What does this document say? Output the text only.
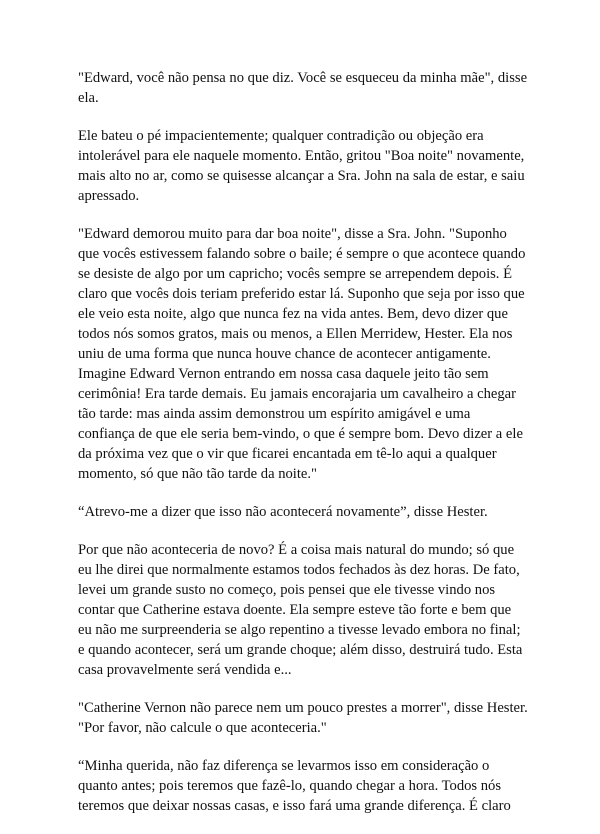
"Edward, você não pensa no que diz. Você se esqueceu da minha mãe", disse ela.

Ele bateu o pé impacientemente; qualquer contradição ou objeção era intolerável para ele naquele momento. Então, gritou "Boa noite" novamente, mais alto no ar, como se quisesse alcançar a Sra. John na sala de estar, e saiu apressado.

"Edward demorou muito para dar boa noite", disse a Sra. John. "Suponho que vocês estivessem falando sobre o baile; é sempre o que acontece quando se desiste de algo por um capricho; vocês sempre se arrependem depois. É claro que vocês dois teriam preferido estar lá. Suponho que seja por isso que ele veio esta noite, algo que nunca fez na vida antes. Bem, devo dizer que todos nós somos gratos, mais ou menos, a Ellen Merridew, Hester. Ela nos uniu de uma forma que nunca houve chance de acontecer antigamente. Imagine Edward Vernon entrando em nossa casa daquele jeito tão sem cerimônia! Era tarde demais. Eu jamais encorajaria um cavalheiro a chegar tão tarde: mas ainda assim demonstrou um espírito amigável e uma confiança de que ele seria bem-vindo, o que é sempre bom. Devo dizer a ele da próxima vez que o vir que ficarei encantada em tê-lo aqui a qualquer momento, só que não tão tarde da noite."

“Atrevo-me a dizer que isso não acontecerá novamente”, disse Hester.

Por que não aconteceria de novo? É a coisa mais natural do mundo; só que eu lhe direi que normalmente estamos todos fechados às dez horas. De fato, levei um grande susto no começo, pois pensei que ele tivesse vindo nos contar que Catherine estava doente. Ela sempre esteve tão forte e bem que eu não me surpreenderia se algo repentino a tivesse levado embora no final; e quando acontecer, será um grande choque; além disso, destruirá tudo. Esta casa provavelmente será vendida e...

"Catherine Vernon não parece nem um pouco prestes a morrer", disse Hester. "Por favor, não calcule o que aconteceria."

“Minha querida, não faz diferença se levarmos isso em consideração o quanto antes; pois teremos que fazê-lo, quando chegar a hora. Todos nós teremos que deixar nossas casas, e isso fará uma grande diferença. É claro
